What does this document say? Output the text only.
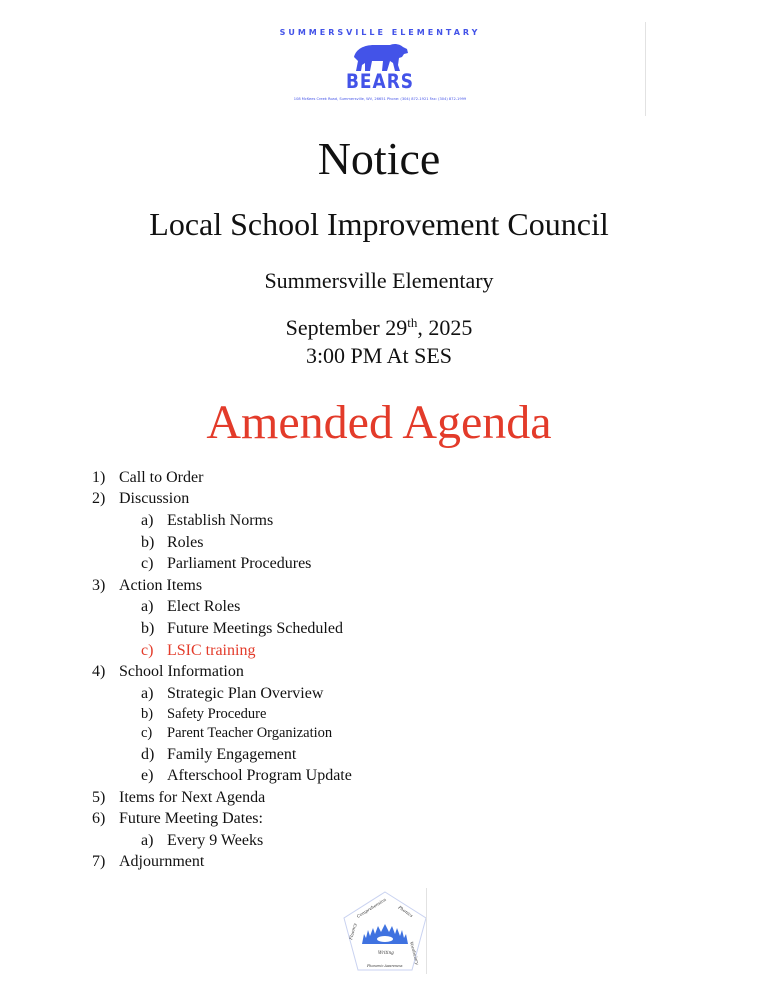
SUMMERSVILLE ELEMENTARY
BEARS
108 McKees Creek Road, Summersville, WV, 26651 Phone: (304) 872-1921 Fax: (304) 872-1999
Notice
Local School Improvement Council
Summersville Elementary
September 29th, 2025
3:00 PM At SES
Amended Agenda
1) Call to Order
2) Discussion
a) Establish Norms
b) Roles
c) Parliament Procedures
3) Action Items
a) Elect Roles
b) Future Meetings Scheduled
c) LSIC training
4) School Information
a) Strategic Plan Overview
b) Safety Procedure
c)	Parent Teacher Organization
d) Family Engagement
e) Afterschool Program Update
5) Items for Next Agenda
6) Future Meeting Dates:
a) Every 9 Weeks
7) Adjournment
Comprehension	Phonics
Vocabulary
Writing
Phonemic Awareness
Fluency
